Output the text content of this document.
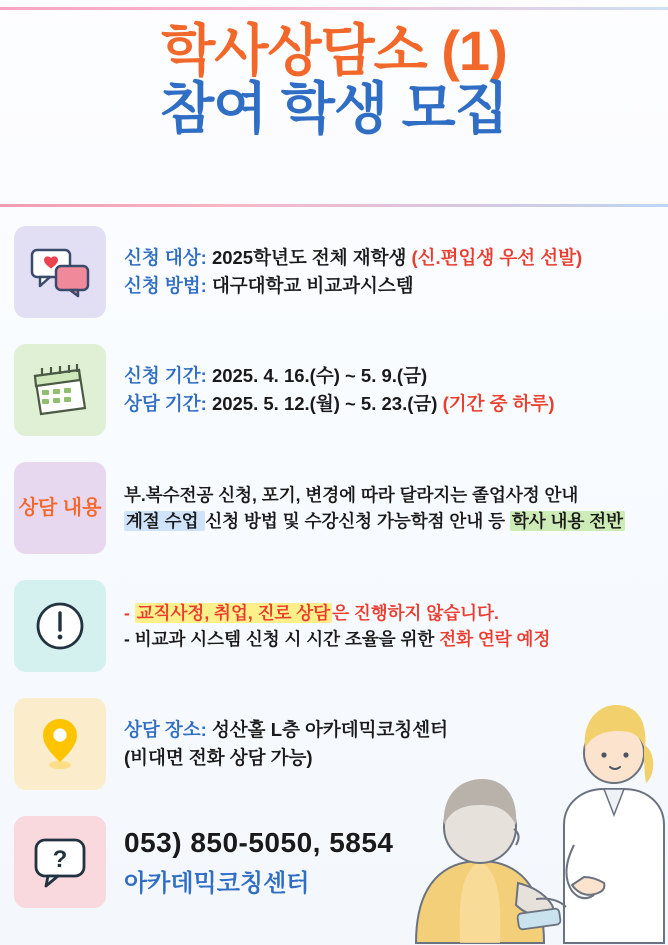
학사상담소 (1)
참여 학생 모집
신청 대상: 2025학년도 전체 재학생 (신.편입생 우선 선발)
신청 방법: 대구대학교 비교과시스템
신청 기간: 2025. 4. 16.(수) ~ 5. 9.(금)
상담 기간: 2025. 5. 12.(월) ~ 5. 23.(금) (기간 중 하루)
상담 내용
부.복수전공 신청, 포기, 변경에 따라 달라지는 졸업사정 안내
계절 수업 신청 방법 및 수강신청 가능학점 안내 등 학사 내용 전반
- 교직사정, 취업, 진로 상담 은 진행하지 않습니다.
- 비교과 시스템 신청 시 시간 조율을 위한 전화 연락 예정
상담 장소: 성산홀 L층 아카데믹코칭센터
(비대면 전화 상담 가능)
?
053) 850-5050, 5854
아카데믹코칭센터
